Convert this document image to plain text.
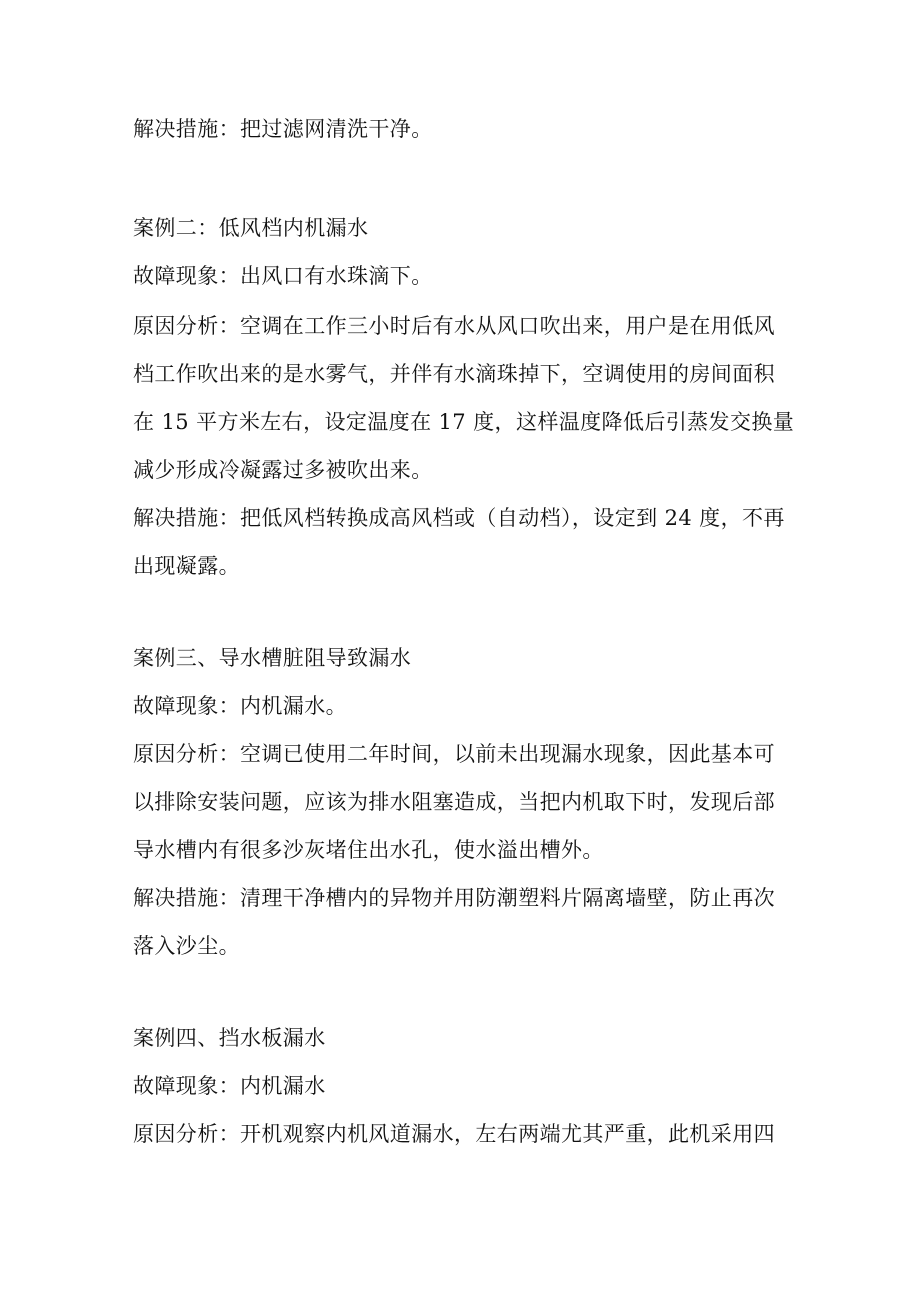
解决措施：把过滤网清洗干净。
案例二：低风档内机漏水
故障现象：出风口有水珠滴下。
原因分析：空调在工作三小时后有水从风口吹出来，用户是在用低风
档工作吹出来的是水雾气，并伴有水滴珠掉下，空调使用的房间面积
在 15 平方米左右，设定温度在 17 度，这样温度降低后引蒸发交换量
减少形成冷凝露过多被吹出来。
解决措施：把低风档转换成高风档或（自动档），设定到 24 度，不再
出现凝露。
案例三、导水槽脏阻导致漏水
故障现象：内机漏水。
原因分析：空调已使用二年时间，以前未出现漏水现象，因此基本可
以排除安装问题，应该为排水阻塞造成，当把内机取下时，发现后部
导水槽内有很多沙灰堵住出水孔，使水溢出槽外。
解决措施：清理干净槽内的异物并用防潮塑料片隔离墙壁，防止再次
落入沙尘。
案例四、挡水板漏水
故障现象：内机漏水
原因分析：开机观察内机风道漏水，左右两端尤其严重，此机采用四
